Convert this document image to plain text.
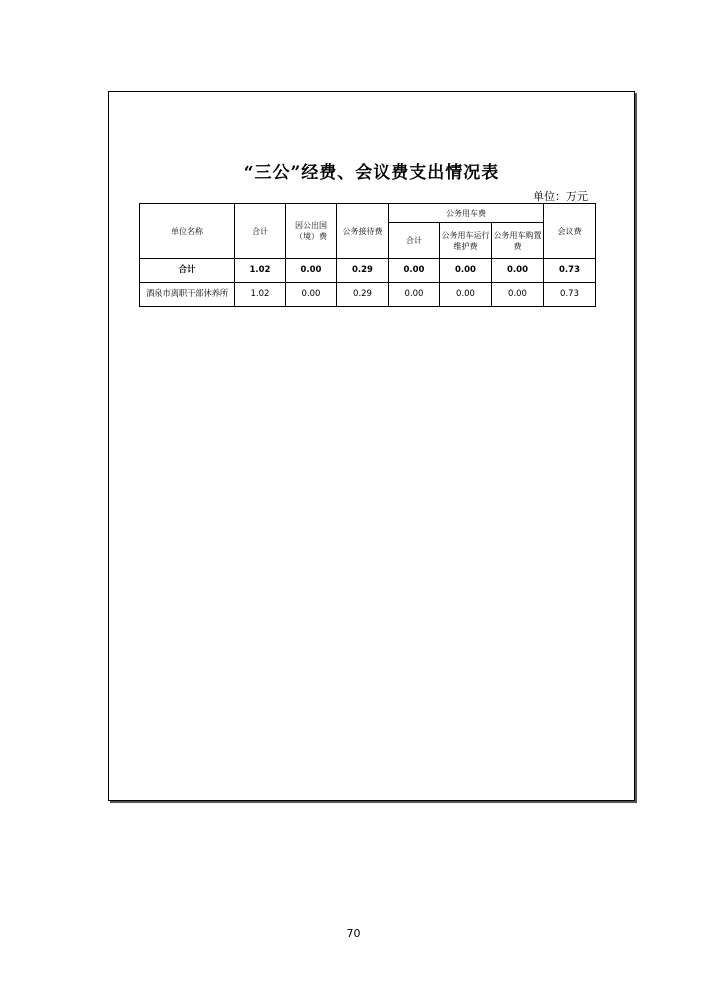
“三公”经费、会议费支出情况表
单位：万元
单位名称	合计	因公出国（境）费	公务接待费	公务用车费			会议费
				合计	公务用车运行维护费	公务用车购置费	
合计	1.02	0.00	0.29	0.00	0.00	0.00	0.73
酒泉市离职干部休养所	1.02	0.00	0.29	0.00	0.00	0.00	0.73
70
